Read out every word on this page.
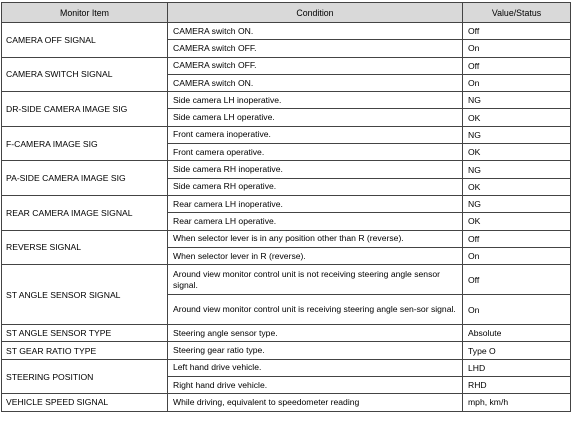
Monitor Item	Condition	Value/Status
CAMERA OFF SIGNAL	CAMERA switch ON.	Off
	CAMERA switch OFF.	On
CAMERA SWITCH SIGNAL	CAMERA switch OFF.	Off
	CAMERA switch ON.	On
DR-SIDE CAMERA IMAGE SIG	Side camera LH inoperative.	NG
	Side camera LH operative.	OK
F-CAMERA IMAGE SIG	Front camera inoperative.	NG
	Front camera operative.	OK
PA-SIDE CAMERA IMAGE SIG	Side camera RH inoperative.	NG
	Side camera RH operative.	OK
REAR CAMERA IMAGE SIGNAL	Rear camera LH inoperative.	NG
	Rear camera LH operative.	OK
REVERSE SIGNAL	When selector lever is in any position other than R (reverse).	Off
	When selector lever in R (reverse).	On
ST ANGLE SENSOR SIGNAL	Around view monitor control unit is not receiving steering angle sensor signal.	Off
	Around view monitor control unit is receiving steering angle sen-sor signal.	On
ST ANGLE SENSOR TYPE	Steering angle sensor type.	Absolute
ST GEAR RATIO TYPE	Steering gear ratio type.	Type O
STEERING POSITION	Left hand drive vehicle.	LHD
	Right hand drive vehicle.	RHD
VEHICLE SPEED SIGNAL	While driving, equivalent to speedometer reading	mph, km/h
